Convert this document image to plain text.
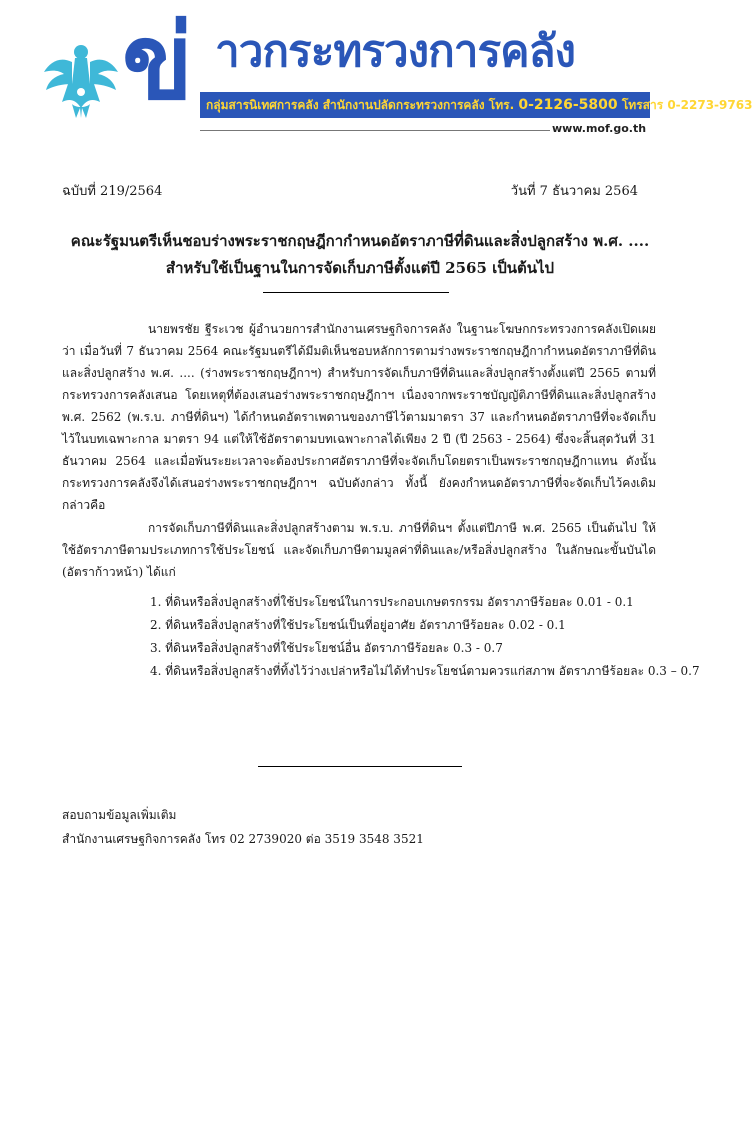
ข่ าวกระทรวงการคลัง
กลุ่มสารนิเทศการคลัง สำนักงานปลัดกระทรวงการคลัง โทร. 0-2126-5800 โทรสาร 0-2273-9763
www.mof.go.th
ฉบับที่ 219/2564	วันที่ 7 ธันวาคม 2564
คณะรัฐมนตรีเห็นชอบร่างพระราชกฤษฎีกากำหนดอัตราภาษีที่ดินและสิ่งปลูกสร้าง พ.ศ. ....
สำหรับใช้เป็นฐานในการจัดเก็บภาษีตั้งแต่ปี 2565 เป็นต้นไป

นายพรชัย ฐีระเวช ผู้อำนวยการสำนักงานเศรษฐกิจการคลัง ในฐานะโฆษกกระทรวงการคลังเปิดเผยว่า เมื่อวันที่ 7 ธันวาคม 2564 คณะรัฐมนตรีได้มีมติเห็นชอบหลักการตามร่างพระราชกฤษฎีกากำหนดอัตราภาษีที่ดินและสิ่งปลูกสร้าง พ.ศ. .... (ร่างพระราชกฤษฎีกาฯ) สำหรับการจัดเก็บภาษีที่ดินและสิ่งปลูกสร้างตั้งแต่ปี 2565 ตามที่กระทรวงการคลังเสนอ โดยเหตุที่ต้องเสนอร่างพระราชกฤษฎีกาฯ เนื่องจากพระราชบัญญัติภาษีที่ดินและสิ่งปลูกสร้าง พ.ศ. 2562 (พ.ร.บ. ภาษีที่ดินฯ) ได้กำหนดอัตราเพดานของภาษีไว้ตามมาตรา 37 และกำหนดอัตราภาษีที่จะจัดเก็บไว้ในบทเฉพาะกาล มาตรา 94 แต่ให้ใช้อัตราตามบทเฉพาะกาลได้เพียง 2 ปี (ปี 2563 - 2564) ซึ่งจะสิ้นสุดวันที่ 31 ธันวาคม 2564 และเมื่อพ้นระยะเวลาจะต้องประกาศอัตราภาษีที่จะจัดเก็บโดยตราเป็นพระราชกฤษฎีกาแทน ดังนั้น กระทรวงการคลังจึงได้เสนอร่างพระราชกฤษฎีกาฯ ฉบับดังกล่าว ทั้งนี้ ยังคงกำหนดอัตราภาษีที่จะจัดเก็บไว้คงเดิม กล่าวคือ

การจัดเก็บภาษีที่ดินและสิ่งปลูกสร้างตาม พ.ร.บ. ภาษีที่ดินฯ ตั้งแต่ปีภาษี พ.ศ. 2565 เป็นต้นไป ให้ใช้อัตราภาษีตามประเภทการใช้ประโยชน์ และจัดเก็บภาษีตามมูลค่าที่ดินและ/หรือสิ่งปลูกสร้าง ในลักษณะขั้นบันได (อัตราก้าวหน้า) ได้แก่

1. ที่ดินหรือสิ่งปลูกสร้างที่ใช้ประโยชน์ในการประกอบเกษตรกรรม อัตราภาษีร้อยละ 0.01 - 0.1
2. ที่ดินหรือสิ่งปลูกสร้างที่ใช้ประโยชน์เป็นที่อยู่อาศัย อัตราภาษีร้อยละ 0.02 - 0.1
3. ที่ดินหรือสิ่งปลูกสร้างที่ใช้ประโยชน์อื่น อัตราภาษีร้อยละ 0.3 - 0.7
4. ที่ดินหรือสิ่งปลูกสร้างที่ทิ้งไว้ว่างเปล่าหรือไม่ได้ทำประโยชน์ตามควรแก่สภาพ อัตราภาษีร้อยละ 0.3 – 0.7
สอบถามข้อมูลเพิ่มเติม
สำนักงานเศรษฐกิจการคลัง โทร 02 2739020 ต่อ 3519 3548 3521
